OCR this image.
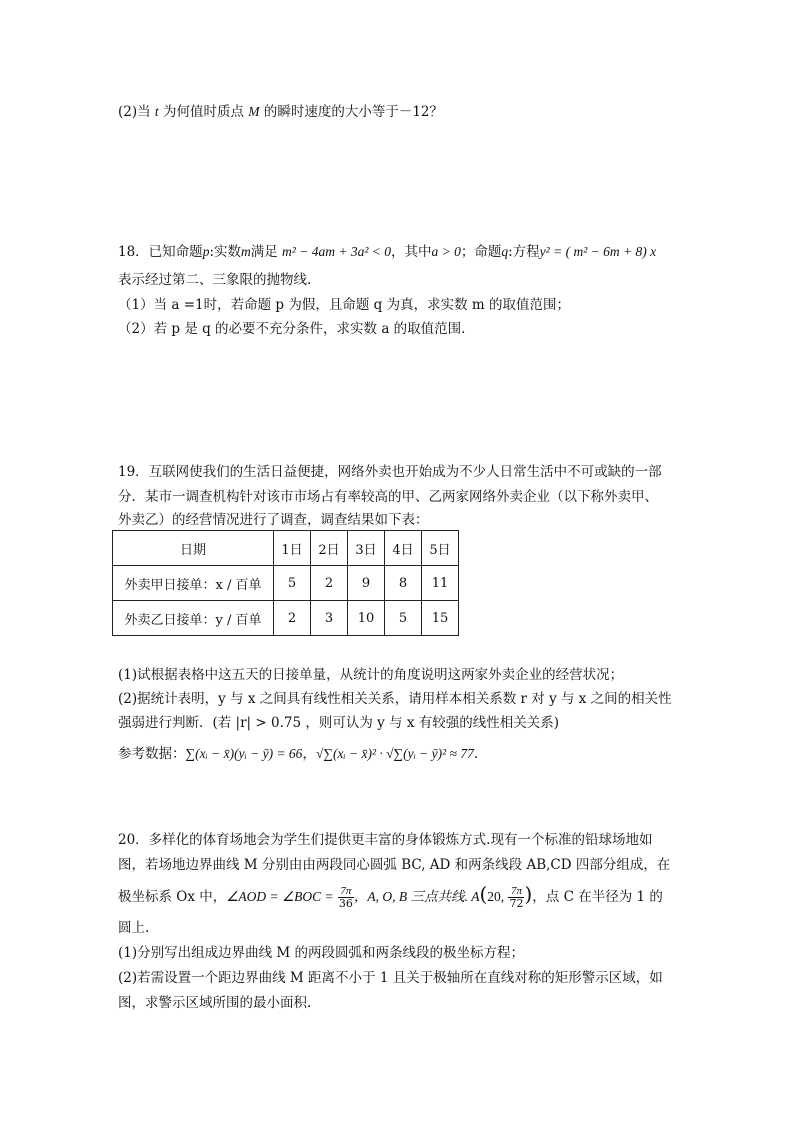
(2)当 t 为何值时质点 M 的瞬时速度的大小等于－12？
18．已知命题p:实数m满足 m² − 4am + 3a² < 0，其中a > 0；命题q:方程y² = ( m² − 6m + 8) x
表示经过第二、三象限的抛物线.
（1）当 a =1时，若命题 p 为假，且命题 q 为真，求实数 m 的取值范围；
（2）若 p 是 q 的必要不充分条件，求实数 a 的取值范围.
19．互联网使我们的生活日益便捷，网络外卖也开始成为不少人日常生活中不可或缺的一部
分．某市一调查机构针对该市市场占有率较高的甲、乙两家网络外卖企业（以下称外卖甲、
外卖乙）的经营情况进行了调查，调查结果如下表：
日期	1日	2日	3日	4日	5日
外卖甲日接单：x / 百单	5	2	9	8	11
外卖乙日接单：y / 百单	2	3	10	5	15
(1)试根据表格中这五天的日接单量，从统计的角度说明这两家外卖企业的经营状况；
(2)据统计表明，y 与 x 之间具有线性相关关系，请用样本相关系数 r 对 y 与 x 之间的相关性
强弱进行判断．(若 |r| > 0.75 ，则可认为 y 与 x 有较强的线性相关关系)
参考数据：∑(xᵢ − x̄)(yᵢ − ȳ) = 66，√∑(xᵢ − x̄)² · √∑(yᵢ − ȳ)² ≈ 77.
20．多样化的体育场地会为学生们提供更丰富的身体锻炼方式.现有一个标准的铅球场地如
图，若场地边界曲线 M 分别由由两段同心圆弧 BC, AD 和两条线段 AB,CD 四部分组成，在
极坐标系 Ox 中，∠AOD = ∠BOC = $\frac{7\pi}{36}$ ，A, O, B 三点共线. A(20, $\frac{7\pi}{72}$ )，点 C 在半径为 1 的
圆上.
(1)分别写出组成边界曲线 M 的两段圆弧和两条线段的极坐标方程；
(2)若需设置一个距边界曲线 M 距离不小于 1 且关于极轴所在直线对称的矩形警示区域，如
图，求警示区域所围的最小面积.
